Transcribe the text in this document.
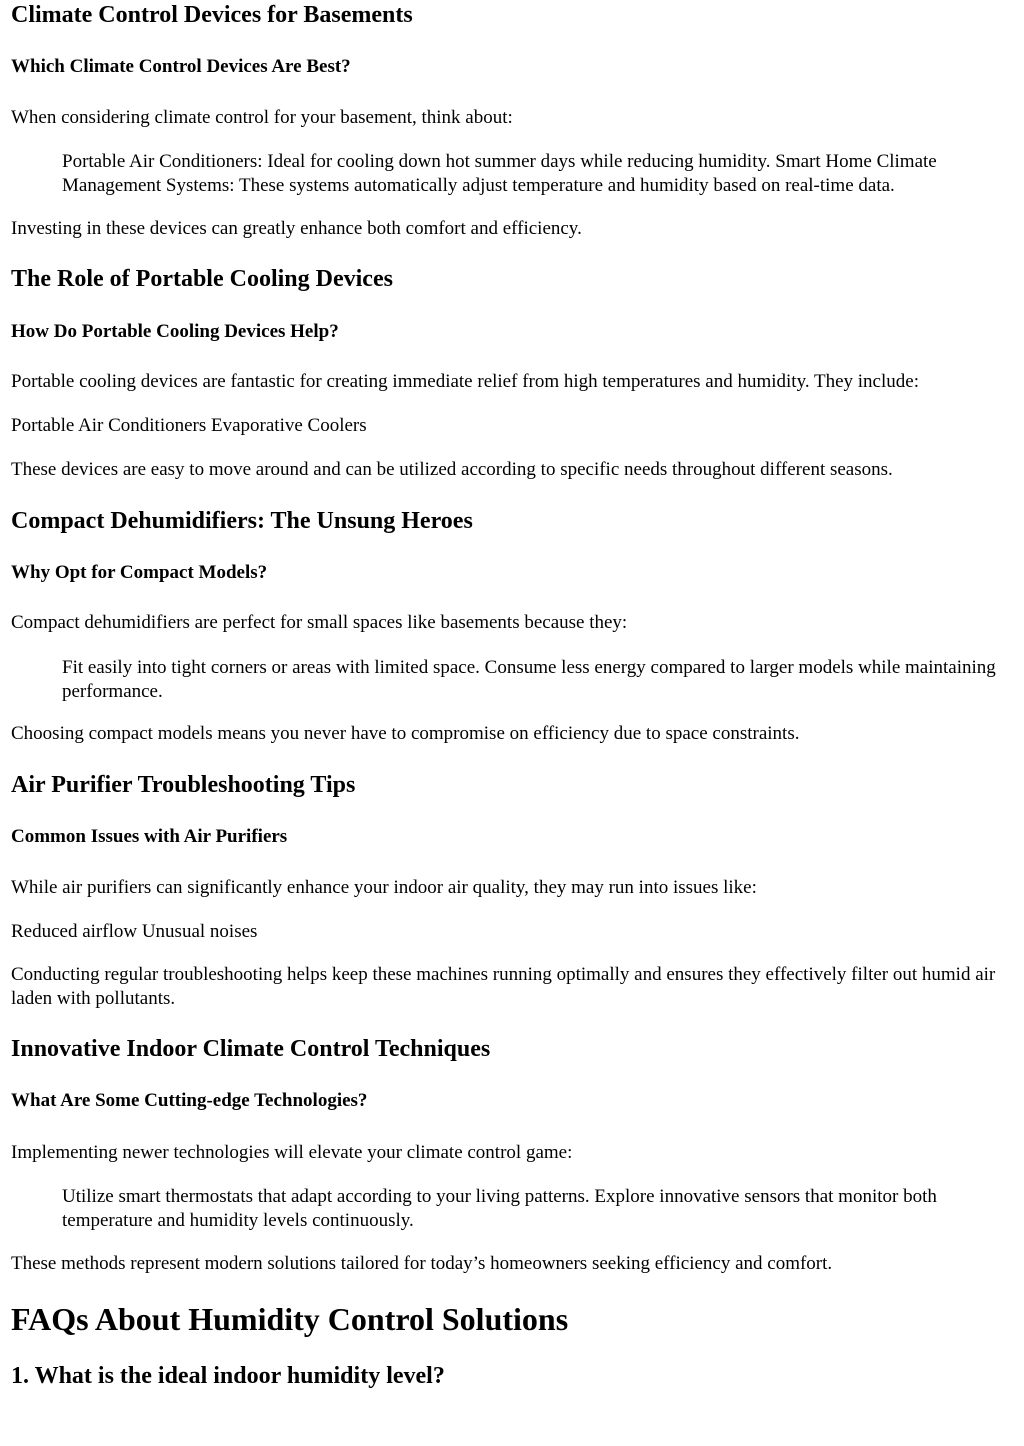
Climate Control Devices for Basements
Which Climate Control Devices Are Best?

When considering climate control for your basement, think about:

Portable Air Conditioners: Ideal for cooling down hot summer days while reducing humidity. Smart Home Climate Management Systems: These systems automatically adjust temperature and humidity based on real-time data.

Investing in these devices can greatly enhance both comfort and efficiency.

The Role of Portable Cooling Devices
How Do Portable Cooling Devices Help?

Portable cooling devices are fantastic for creating immediate relief from high temperatures and humidity. They include:

Portable Air Conditioners Evaporative Coolers

These devices are easy to move around and can be utilized according to specific needs throughout different seasons.

Compact Dehumidifiers: The Unsung Heroes
Why Opt for Compact Models?

Compact dehumidifiers are perfect for small spaces like basements because they:

Fit easily into tight corners or areas with limited space. Consume less energy compared to larger models while maintaining performance.

Choosing compact models means you never have to compromise on efficiency due to space constraints.

Air Purifier Troubleshooting Tips
Common Issues with Air Purifiers

While air purifiers can significantly enhance your indoor air quality, they may run into issues like:

Reduced airflow Unusual noises

Conducting regular troubleshooting helps keep these machines running optimally and ensures they effectively filter out humid air laden with pollutants.

Innovative Indoor Climate Control Techniques
What Are Some Cutting-edge Technologies?

Implementing newer technologies will elevate your climate control game:

Utilize smart thermostats that adapt according to your living patterns. Explore innovative sensors that monitor both temperature and humidity levels continuously.

These methods represent modern solutions tailored for today’s homeowners seeking efficiency and comfort.

FAQs About Humidity Control Solutions
1. What is the ideal indoor humidity level?
